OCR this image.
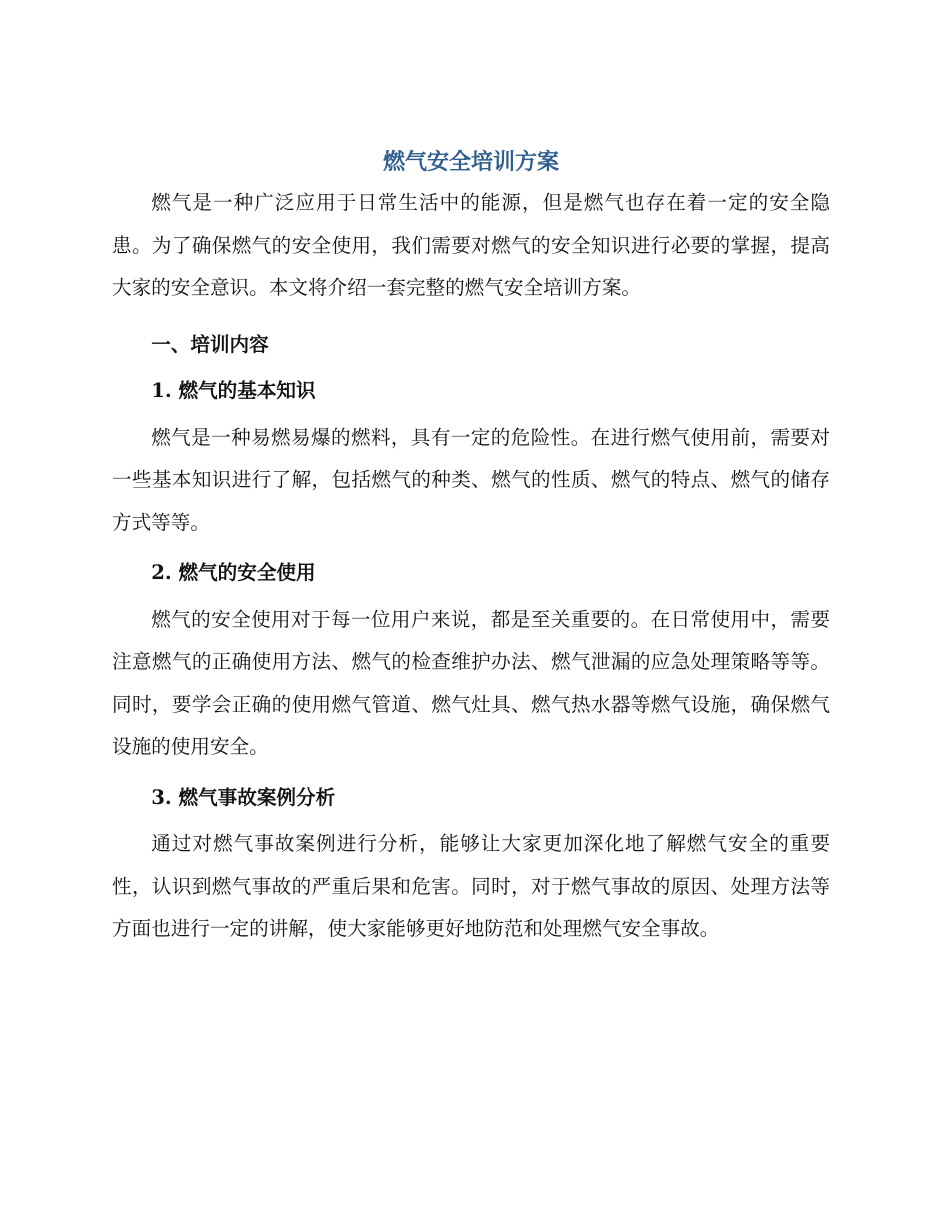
燃气安全培训方案

燃气是一种广泛应用于日常生活中的能源，但是燃气也存在着一定的安全隐患。为了确保燃气的安全使用，我们需要对燃气的安全知识进行必要的掌握，提高大家的安全意识。本文将介绍一套完整的燃气安全培训方案。

一、培训内容
1. 燃气的基本知识

燃气是一种易燃易爆的燃料，具有一定的危险性。在进行燃气使用前，需要对一些基本知识进行了解，包括燃气的种类、燃气的性质、燃气的特点、燃气的储存方式等等。

2. 燃气的安全使用

燃气的安全使用对于每一位用户来说，都是至关重要的。在日常使用中，需要注意燃气的正确使用方法、燃气的检查维护办法、燃气泄漏的应急处理策略等等。同时，要学会正确的使用燃气管道、燃气灶具、燃气热水器等燃气设施，确保燃气设施的使用安全。

3. 燃气事故案例分析

通过对燃气事故案例进行分析，能够让大家更加深化地了解燃气安全的重要性，认识到燃气事故的严重后果和危害。同时，对于燃气事故的原因、处理方法等方面也进行一定的讲解，使大家能够更好地防范和处理燃气安全事故。
